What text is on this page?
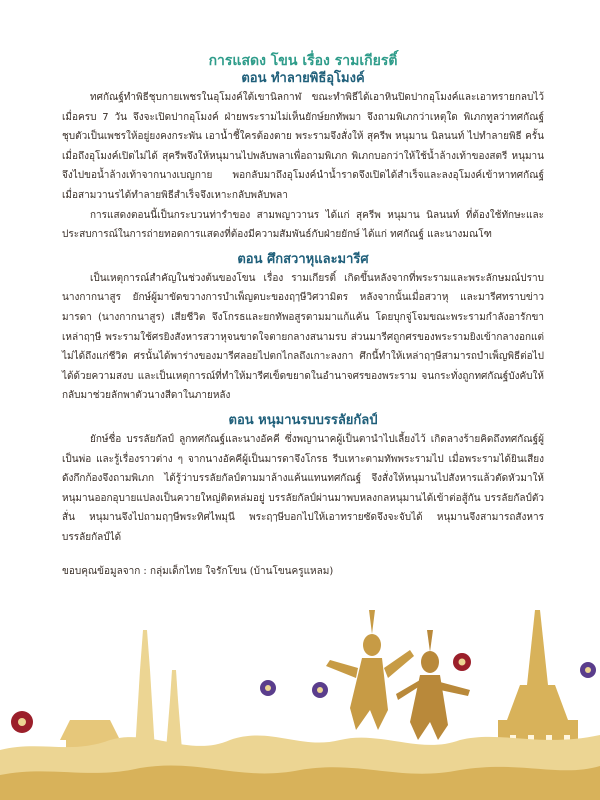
การแสดง โขน เรื่อง รามเกียรติ์
ตอน ทำลายพิธีอุโมงค์

ทศกัณฐ์ทำพิธีชุบกายเพชรในอุโมงค์ใต้เขานิลกาฬ ขณะทำพิธีได้เอาหินปิดปากอุโมงค์และเอาทรายกลบไว้ เมื่อครบ 7 วัน จึงจะเปิดปากอุโมงค์ ฝ่ายพระรามไม่เห็นยักษ์ยกทัพมา จึงถามพิเภกว่าเหตุใด พิเภกทูลว่าทศกัณฐ์ชุบตัวเป็นเพชรให้อยู่ยงคงกระพัน เอาน้ำชี้ใครต้องตาย พระรามจึงสั่งให้ สุครีพ หนุมาน นิลนนท์ ไปทำลายพิธี ครั้นเมื่อถึงอุโมงค์เปิดไม่ได้ สุครีพจึงให้หนุมานไปพลับพลาเพื่อถามพิเภก พิเภกบอกว่าให้ใช้น้ำล้างเท้าของสตรี หนุมานจึงไปขอน้ำล้างเท้าจากนางเบญกาย พอกลับมาถึงอุโมงค์นำน้ำราดจึงเปิดได้สำเร็จและลงอุโมงค์เข้าหาทศกัณฐ์ เมื่อสามวานรได้ทำลายพิธีสำเร็จจึงเหาะกลับพลับพลา

การแสดงตอนนี้เป็นกระบวนท่ารำของ สามพญาวานร ได้แก่ สุครีพ หนุมาน นิลนนท์ ที่ต้องใช้ทักษะและประสบการณ์ในการถ่ายทอดการแสดงที่ต้องมีความสัมพันธ์กับฝ่ายยักษ์ ได้แก่ ทศกัณฐ์ และนางมณโฑ

ตอน ศึกสวาหุและมารีศ

เป็นเหตุการณ์สำคัญในช่วงต้นของโขน เรื่อง รามเกียรติ์ เกิดขึ้นหลังจากที่พระรามและพระลักษมณ์ปราบนางกากนาสูร ยักษ์ผู้มาขัดขวางการบำเพ็ญตบะของฤๅษีวิศวามิตร หลังจากนั้นเมื่อสวาหุ และมารีศทราบข่าวมารดา (นางกากนาสูร) เสียชีวิต จึงโกรธและยกทัพอสูรตามมาแก้แค้น โดยบุกจู่โจมขณะพระรามกำลังอารักขาเหล่าฤๅษี พระรามใช้ศรยิงสังหารสวาหุจนขาดใจตายกลางสนามรบ ส่วนมารีศถูกศรของพระรามยิงเข้ากลางอกแต่ไม่ได้ถึงแก่ชีวิต ศรนั้นได้พาร่างของมารีศลอยไปตกไกลถึงเกาะลงกา ศึกนี้ทำให้เหล่าฤๅษีสามารถบำเพ็ญพิธีต่อไปได้ด้วยความสงบ และเป็นเหตุการณ์ที่ทำให้มารีศเข็ดขยาดในอำนาจศรของพระราม จนกระทั่งถูกทศกัณฐ์บังคับให้กลับมาช่วยลักพาตัวนางสีดาในภายหลัง

ตอน หนุมานรบบรรลัยกัลป์

ยักษ์ชื่อ บรรลัยกัลป์ ลูกทศกัณฐ์และนางอัคคี ซึ่งพญานาคผู้เป็นตานำไปเลี้ยงไว้ เกิดลางร้ายคิดถึงทศกัณฐ์ผู้เป็นพ่อ และรู้เรื่องราวต่าง ๆ จากนางอัคคีผู้เป็นมารดาจึงโกรธ รีบเหาะตามทัพพระรามไป เมื่อพระรามได้ยินเสียงดังกึกก้องจึงถามพิเภก ได้รู้ว่าบรรลัยกัลป์ตามมาล้างแค้นแทนทศกัณฐ์ จึงสั่งให้หนุมานไปสังหารแล้วตัดหัวมาให้ หนุมานออกอุบายแปลงเป็นควายใหญ่ติดหล่มอยู่ บรรลัยกัลป์ผ่านมาพบหลงกลหนุมานได้เข้าต่อสู้กัน บรรลัยกัลป์ตัวสั่น หนุมานจึงไปถามฤๅษีพระทิศไพมุนี พระฤๅษีบอกไปให้เอาทรายซัดจึงจะจับได้ หนุมานจึงสามารถสังหารบรรลัยกัลป์ได้

ขอบคุณข้อมูลจาก : กลุ่มเด็กไทย ใจรักโขน (บ้านโขนครูแหลม)
